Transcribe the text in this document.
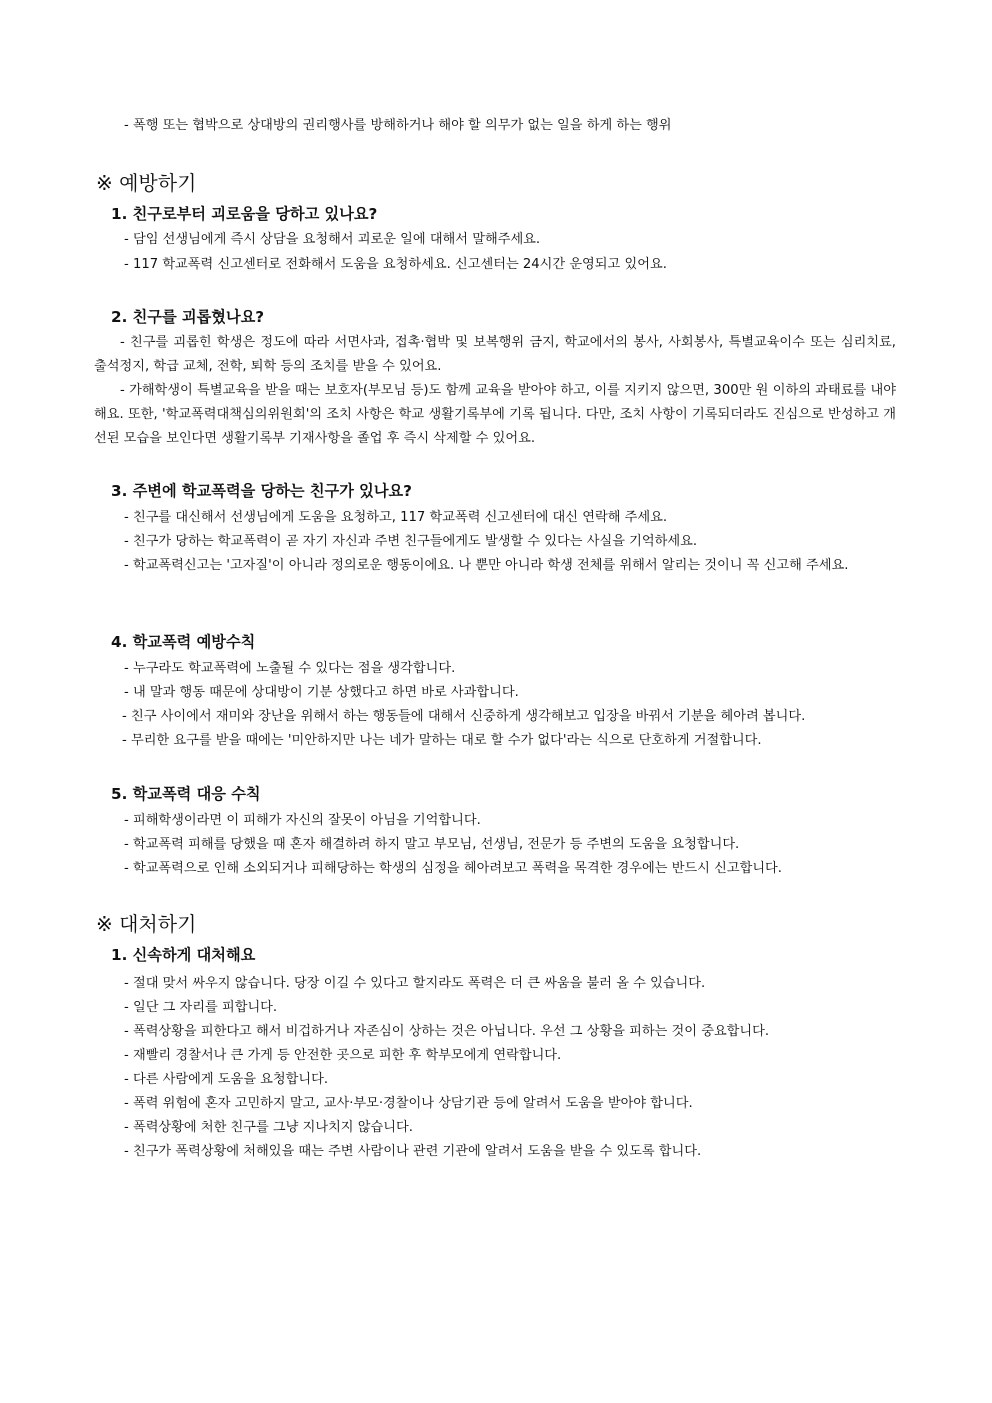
- 폭행 또는 협박으로 상대방의 권리행사를 방해하거나 해야 할 의무가 없는 일을 하게 하는 행위
※ 예방하기
1. 친구로부터 괴로움을 당하고 있나요?
- 담임 선생님에게 즉시 상담을 요청해서 괴로운 일에 대해서 말해주세요.
- 117 학교폭력 신고센터로 전화해서 도움을 요청하세요. 신고센터는 24시간 운영되고 있어요.
2. 친구를 괴롭혔나요?
- 친구를 괴롭힌 학생은 정도에 따라 서면사과, 접촉·협박 및 보복행위 금지, 학교에서의 봉사, 사회봉사, 특별교육이수 또는 심리치료, 출석정지, 학급 교체, 전학, 퇴학 등의 조치를 받을 수 있어요.
- 가해학생이 특별교육을 받을 때는 보호자(부모님 등)도 함께 교육을 받아야 하고, 이를 지키지 않으면, 300만 원 이하의 과태료를 내야해요. 또한, '학교폭력대책심의위원회'의 조치 사항은 학교 생활기록부에 기록 됩니다. 다만, 조치 사항이 기록되더라도 진심으로 반성하고 개선된 모습을 보인다면 생활기록부 기재사항을 졸업 후 즉시 삭제할 수 있어요.
3. 주변에 학교폭력을 당하는 친구가 있나요?
- 친구를 대신해서 선생님에게 도움을 요청하고, 117 학교폭력 신고센터에 대신 연락해 주세요.
- 친구가 당하는 학교폭력이 곧 자기 자신과 주변 친구들에게도 발생할 수 있다는 사실을 기억하세요.
- 학교폭력신고는 '고자질'이 아니라 정의로운 행동이에요. 나 뿐만 아니라 학생 전체를 위해서 알리는 것이니 꼭 신고해 주세요.
4. 학교폭력 예방수칙
- 누구라도 학교폭력에 노출될 수 있다는 점을 생각합니다.
- 내 말과 행동 때문에 상대방이 기분 상했다고 하면 바로 사과합니다.
- 친구 사이에서 재미와 장난을 위해서 하는 행동들에 대해서 신중하게 생각해보고 입장을 바꿔서 기분을 헤아려 봅니다.
- 무리한 요구를 받을 때에는 '미안하지만 나는 네가 말하는 대로 할 수가 없다'라는 식으로 단호하게 거절합니다.
5. 학교폭력 대응 수칙
- 피해학생이라면 이 피해가 자신의 잘못이 아님을 기억합니다.
- 학교폭력 피해를 당했을 때 혼자 해결하려 하지 말고 부모님, 선생님, 전문가 등 주변의 도움을 요청합니다.
- 학교폭력으로 인해 소외되거나 피해당하는 학생의 심정을 헤아려보고 폭력을 목격한 경우에는 반드시 신고합니다.
※ 대처하기
1. 신속하게 대처해요
- 절대 맞서 싸우지 않습니다. 당장 이길 수 있다고 할지라도 폭력은 더 큰 싸움을 불러 올 수 있습니다.
- 일단 그 자리를 피합니다.
- 폭력상황을 피한다고 해서 비겁하거나 자존심이 상하는 것은 아닙니다. 우선 그 상황을 피하는 것이 중요합니다.
- 재빨리 경찰서나 큰 가게 등 안전한 곳으로 피한 후 학부모에게 연락합니다.
- 다른 사람에게 도움을 요청합니다.
- 폭력 위험에 혼자 고민하지 말고, 교사·부모·경찰이나 상담기관 등에 알려서 도움을 받아야 합니다.
- 폭력상황에 처한 친구를 그냥 지나치지 않습니다.
- 친구가 폭력상황에 처해있을 때는 주변 사람이나 관련 기관에 알려서 도움을 받을 수 있도록 합니다.
